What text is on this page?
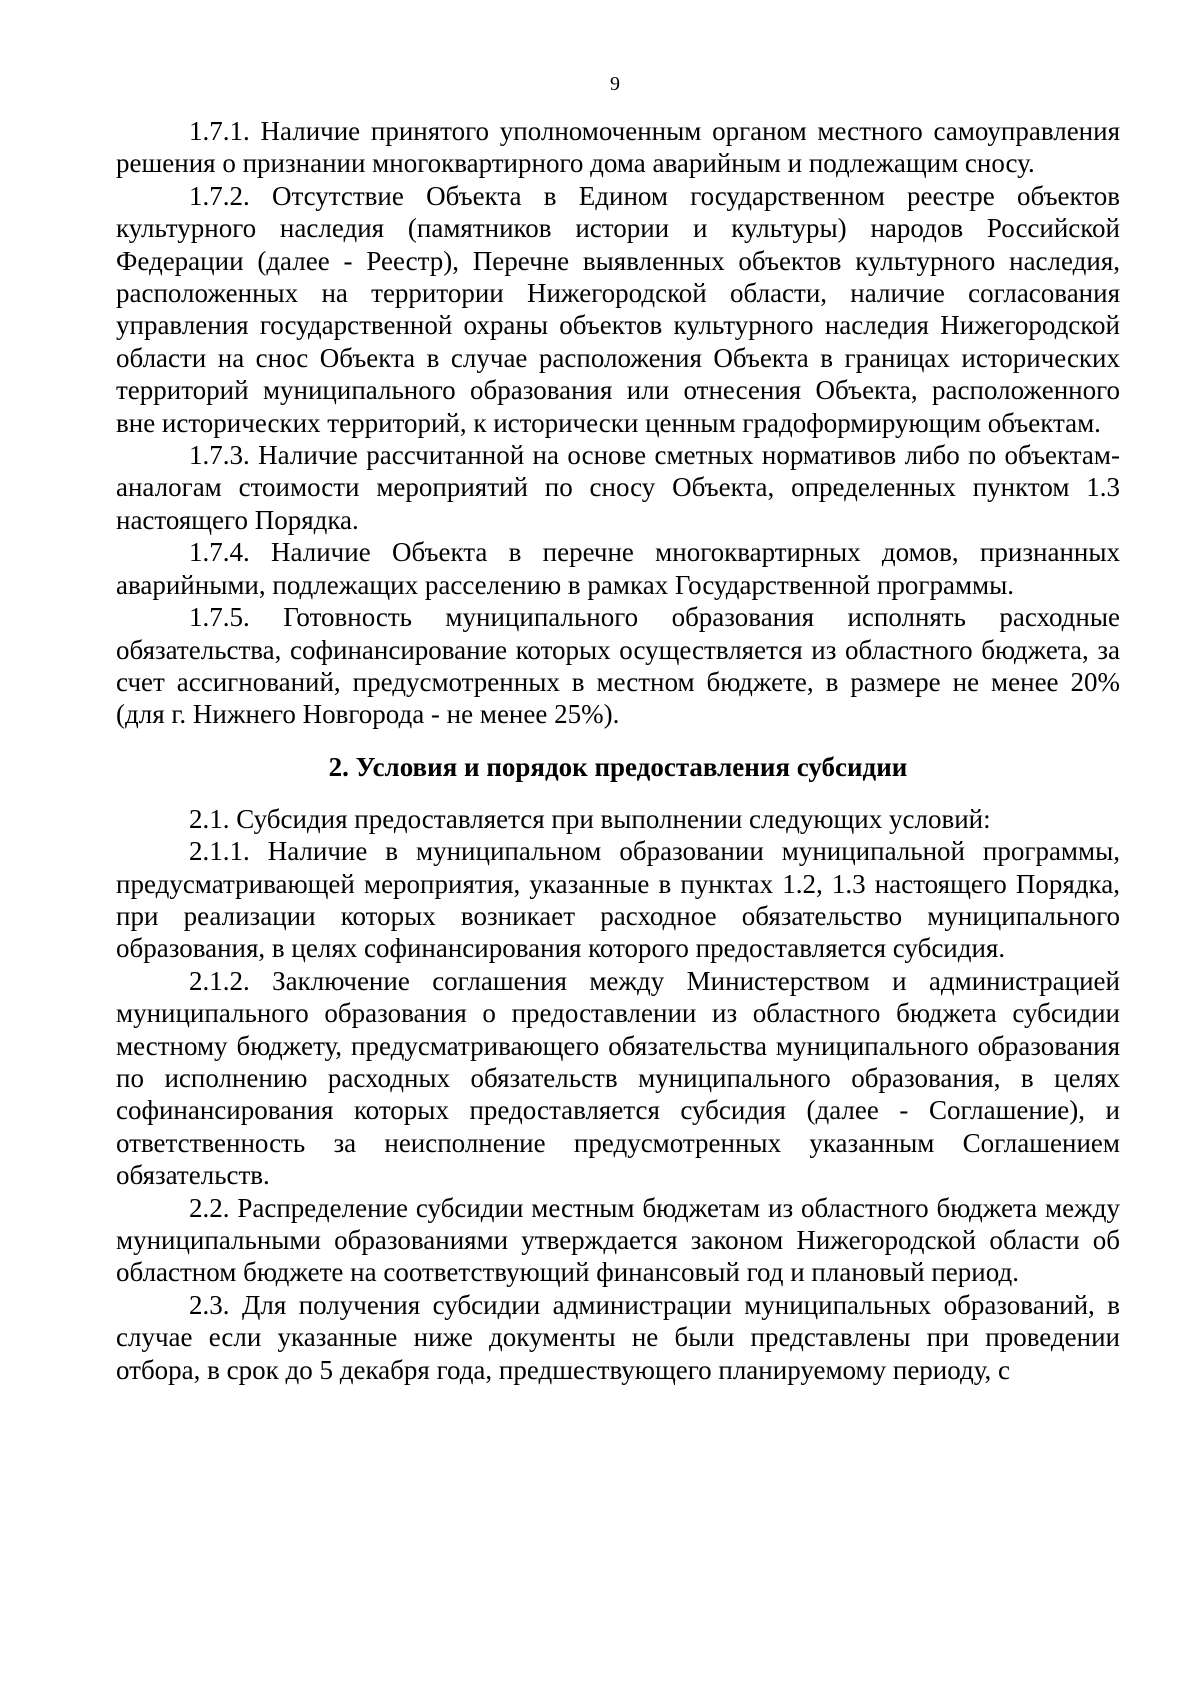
9

1.7.1. Наличие принятого уполномоченным органом местного самоуправления решения о признании многоквартирного дома аварийным и подлежащим сносу.

1.7.2. Отсутствие Объекта в Едином государственном реестре объектов культурного наследия (памятников истории и культуры) народов Российской Федерации (далее - Реестр), Перечне выявленных объектов культурного наследия, расположенных на территории Нижегородской области, наличие согласования управления государственной охраны объектов культурного наследия Нижегородской области на снос Объекта в случае расположения Объекта в границах исторических территорий муниципального образования или отнесения Объекта, расположенного вне исторических территорий, к исторически ценным градоформирующим объектам.

1.7.3. Наличие рассчитанной на основе сметных нормативов либо по объектам-аналогам стоимости мероприятий по сносу Объекта, определенных пунктом 1.3 настоящего Порядка.

1.7.4. Наличие Объекта в перечне многоквартирных домов, признанных аварийными, подлежащих расселению в рамках Государственной программы.

1.7.5. Готовность муниципального образования исполнять расходные обязательства, софинансирование которых осуществляется из областного бюджета, за счет ассигнований, предусмотренных в местном бюджете, в размере не менее 20% (для г. Нижнего Новгорода - не менее 25%).

2. Условия и порядок предоставления субсидии

2.1. Субсидия предоставляется при выполнении следующих условий:

2.1.1. Наличие в муниципальном образовании муниципальной программы, предусматривающей мероприятия, указанные в пунктах 1.2, 1.3 настоящего Порядка, при реализации которых возникает расходное обязательство муниципального образования, в целях софинансирования которого предоставляется субсидия.

2.1.2. Заключение соглашения между Министерством и администрацией муниципального образования о предоставлении из областного бюджета субсидии местному бюджету, предусматривающего обязательства муниципального образования по исполнению расходных обязательств муниципального образования, в целях софинансирования которых предоставляется субсидия (далее - Соглашение), и ответственность за неисполнение предусмотренных указанным Соглашением обязательств.

2.2. Распределение субсидии местным бюджетам из областного бюджета между муниципальными образованиями утверждается законом Нижегородской области об областном бюджете на соответствующий финансовый год и плановый период.

2.3. Для получения субсидии администрации муниципальных образований, в случае если указанные ниже документы не были представлены при проведении отбора, в срок до 5 декабря года, предшествующего планируемому периоду, с
